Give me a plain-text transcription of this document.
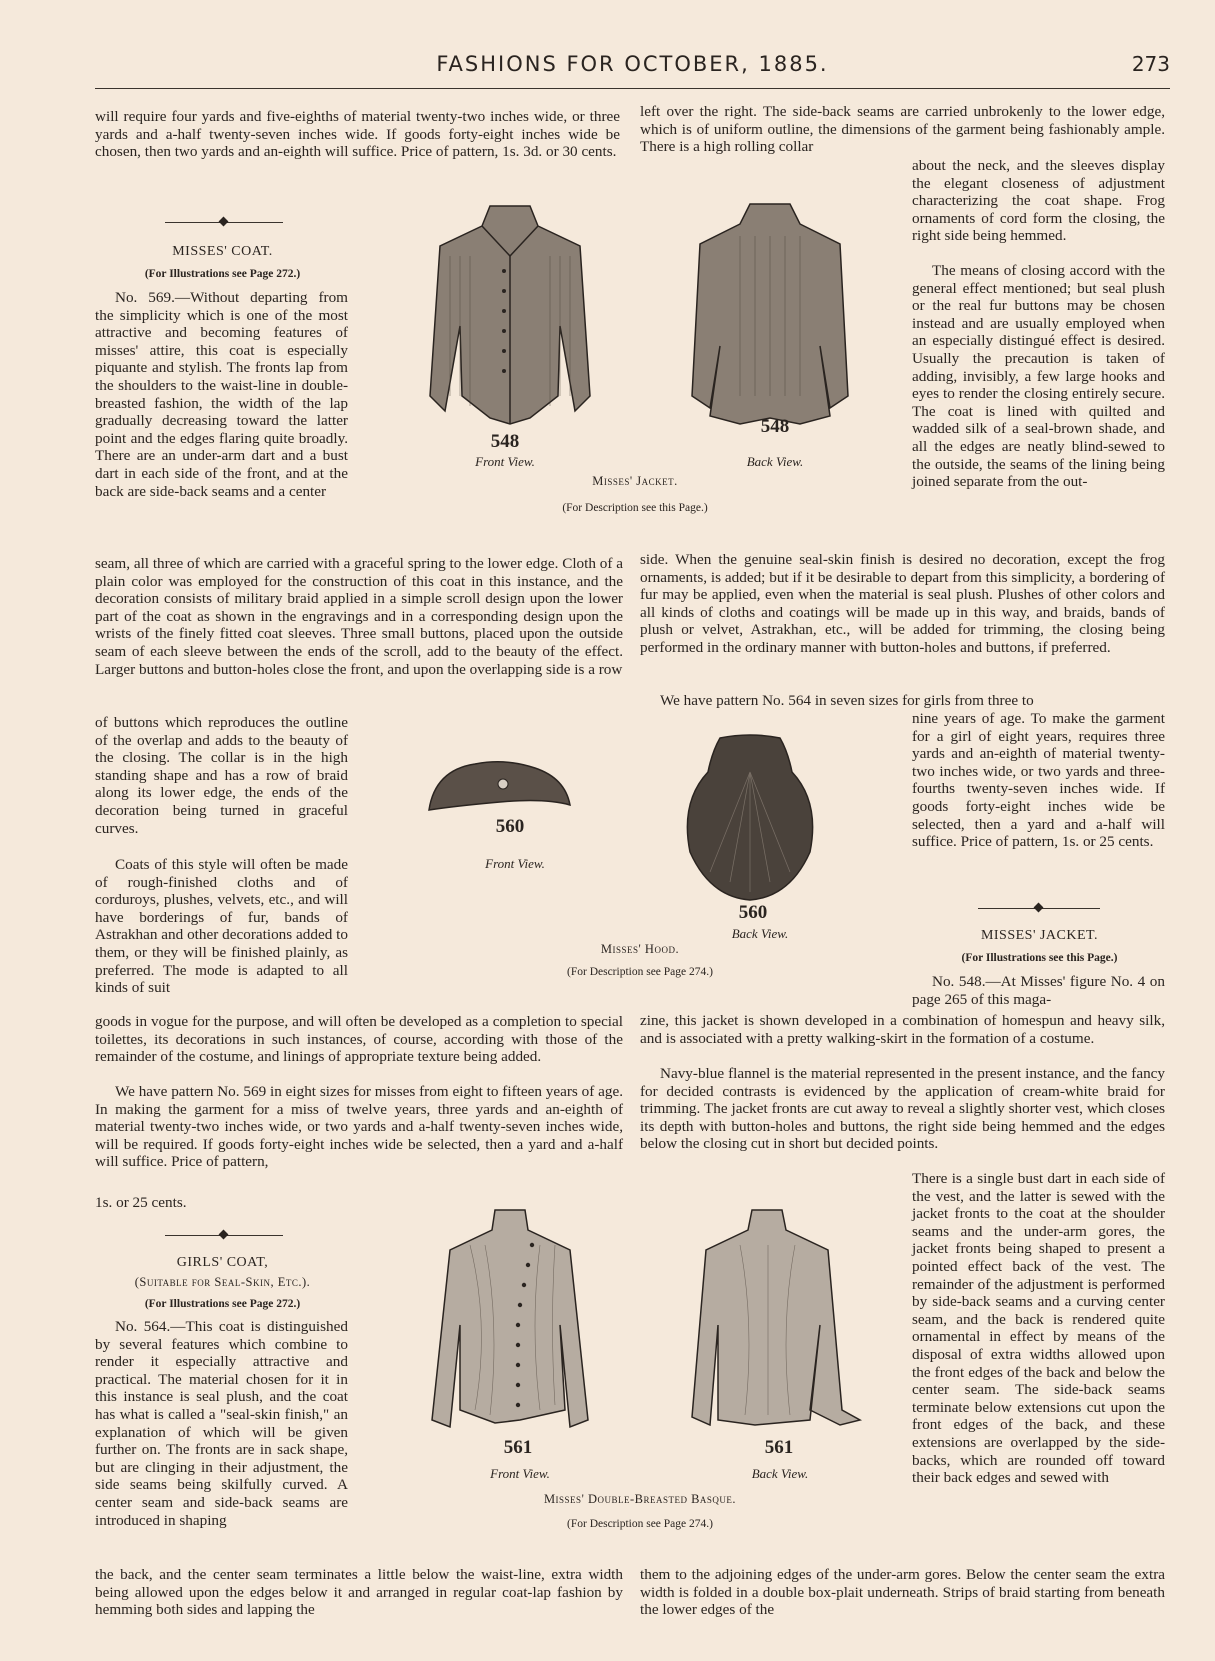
FASHIONS FOR OCTOBER, 1885.	273

will require four yards and five-eighths of material twenty-two inches wide, or three yards and a-half twenty-seven inches wide. If goods forty-eight inches wide be chosen, then two yards and an-eighth will suffice. Price of pattern, 1s. 3d. or 30 cents.

MISSES' COAT.
(For Illustrations see Page 272.)

No. 569.—Without departing from the simplicity which is one of the most attractive and becoming features of misses' attire, this coat is especially piquante and stylish. The fronts lap from the shoulders to the waist-line in double-breasted fashion, the width of the lap gradually decreasing toward the latter point and the edges flaring quite broadly. There are an under-arm dart and a bust dart in each side of the front, and at the back are side-back seams and a center

seam, all three of which are carried with a graceful spring to the lower edge. Cloth of a plain color was employed for the construction of this coat in this instance, and the decoration consists of military braid applied in a simple scroll design upon the lower part of the coat as shown in the engravings and in a corresponding design upon the wrists of the finely fitted coat sleeves. Three small buttons, placed upon the outside seam of each sleeve between the ends of the scroll, add to the beauty of the effect. Larger buttons and button-holes close the front, and upon the overlapping side is a row

of buttons which reproduces the outline of the overlap and adds to the beauty of the closing. The collar is in the high standing shape and has a row of braid along its lower edge, the ends of the decoration being turned in graceful curves.

Coats of this style will often be made of rough-finished cloths and of corduroys, plushes, velvets, etc., and will have borderings of fur, bands of Astrakhan and other decorations added to them, or they will be finished plainly, as preferred. The mode is adapted to all kinds of suit

goods in vogue for the purpose, and will often be developed as a completion to special toilettes, its decorations in such instances, of course, according with those of the remainder of the costume, and linings of appropriate texture being added.

We have pattern No. 569 in eight sizes for misses from eight to fifteen years of age. In making the garment for a miss of twelve years, three yards and an-eighth of material twenty-two inches wide, or two yards and a-half twenty-seven inches wide, will be required. If goods forty-eight inches wide be selected, then a yard and a-half will suffice. Price of pattern,

1s. or 25 cents.

GIRLS' COAT,
(Suitable for Seal-Skin, Etc.).
(For Illustrations see Page 272.)

No. 564.—This coat is distinguished by several features which combine to render it especially attractive and practical. The material chosen for it in this instance is seal plush, and the coat has what is called a "seal-skin finish," an explanation of which will be given further on. The fronts are in sack shape, but are clinging in their adjustment, the side seams being skilfully curved. A center seam and side-back seams are introduced in shaping

the back, and the center seam terminates a little below the waist-line, extra width being allowed upon the edges below it and arranged in regular coat-lap fashion by hemming both sides and lapping the

left over the right. The side-back seams are carried unbrokenly to the lower edge, which is of uniform outline, the dimensions of the garment being fashionably ample. There is a high rolling collar

about the neck, and the sleeves display the elegant closeness of adjustment characterizing the coat shape. Frog ornaments of cord form the closing, the right side being hemmed.

The means of closing accord with the general effect mentioned; but seal plush or the real fur buttons may be chosen instead and are usually employed when an especially distingué effect is desired. Usually the precaution is taken of adding, invisibly, a few large hooks and eyes to render the closing entirely secure. The coat is lined with quilted and wadded silk of a seal-brown shade, and all the edges are neatly blind-sewed to the outside, the seams of the lining being joined separate from the out-

side. When the genuine seal-skin finish is desired no decoration, except the frog ornaments, is added; but if it be desirable to depart from this simplicity, a bordering of fur may be applied, even when the material is seal plush. Plushes of other colors and all kinds of cloths and coatings will be made up in this way, and braids, bands of plush or velvet, Astrakhan, etc., will be added for trimming, the closing being performed in the ordinary manner with button-holes and buttons, if preferred.

We have pattern No. 564 in seven sizes for girls from three to

nine years of age. To make the garment for a girl of eight years, requires three yards and an-eighth of material twenty-two inches wide, or two yards and three-fourths twenty-seven inches wide. If goods forty-eight inches wide be selected, then a yard and a-half will suffice. Price of pattern, 1s. or 25 cents.

MISSES' JACKET.
(For Illustrations see this Page.)

No. 548.—At Misses' figure No. 4 on page 265 of this maga-

zine, this jacket is shown developed in a combination of homespun and heavy silk, and is associated with a pretty walking-skirt in the formation of a costume.

Navy-blue flannel is the material represented in the present instance, and the fancy for decided contrasts is evidenced by the application of cream-white braid for trimming. The jacket fronts are cut away to reveal a slightly shorter vest, which closes its depth with button-holes and buttons, the right side being hemmed and the edges below the closing cut in short but decided points.

There is a single bust dart in each side of the vest, and the latter is sewed with the jacket fronts to the coat at the shoulder seams and the under-arm gores, the jacket fronts being shaped to present a pointed effect back of the vest. The remainder of the adjustment is performed by side-back seams and a curving center seam, and the back is rendered quite ornamental in effect by means of the disposal of extra widths allowed upon the front edges of the back and below the center seam. The side-back seams terminate below extensions cut upon the front edges of the back, and these extensions are overlapped by the side-backs, which are rounded off toward their back edges and sewed with

them to the adjoining edges of the under-arm gores. Below the center seam the extra width is folded in a double box-plait underneath. Strips of braid starting from beneath the lower edges of the

548
Front View.
548
Back View.
Misses' Jacket.
(For Description see this Page.)
560
Front View.
560
Back View.
Misses' Hood.
(For Description see Page 274.)
561
Front View.
561
Back View.
Misses' Double-Breasted Basque.
(For Description see Page 274.)
